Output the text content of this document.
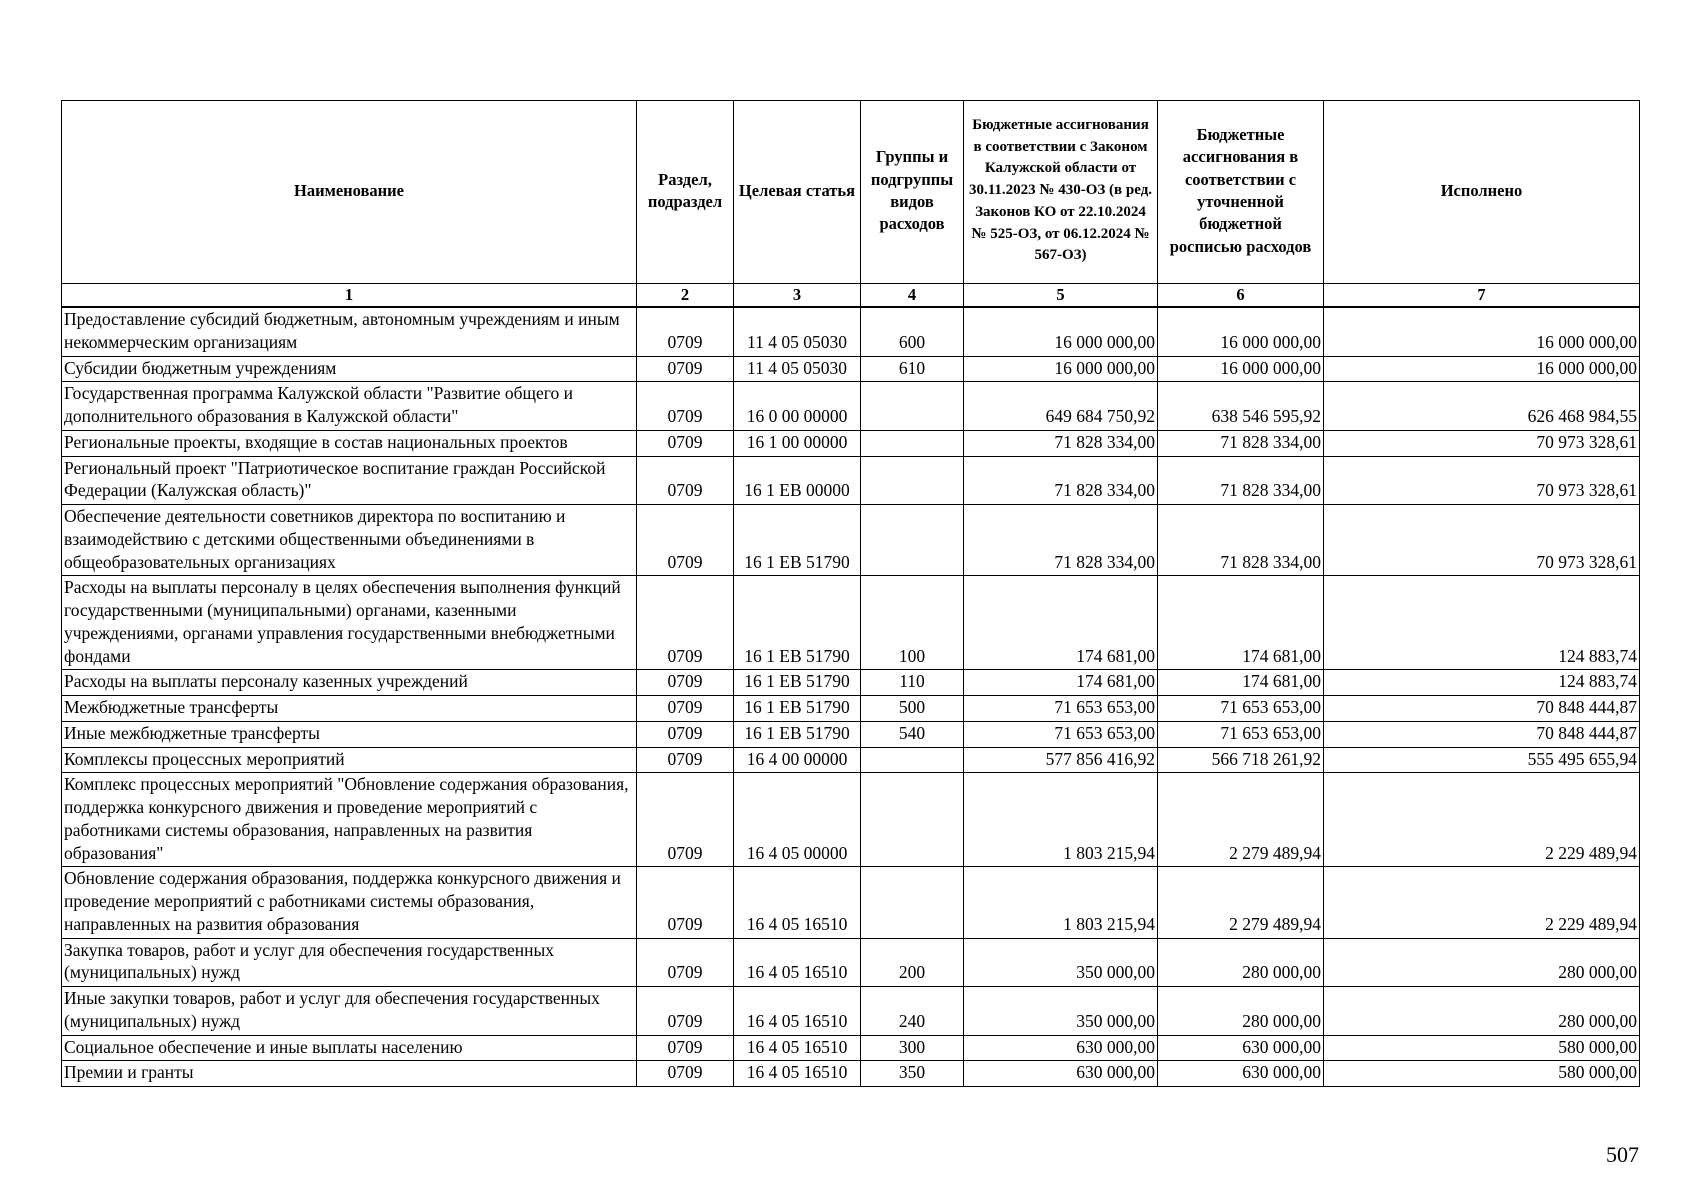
Наименование	Раздел, подраздел	Целевая статья	Группы и подгруппы видов расходов	Бюджетные ассигнования в соответствии с Законом Калужской области от 30.11.2023 № 430-ОЗ (в ред. Законов КО от 22.10.2024 № 525-ОЗ, от 06.12.2024 № 567-ОЗ)	Бюджетные ассигнования в соответствии с уточненной бюджетной росписью расходов	Исполнено
1	2	3	4	5	6	7
Предоставление субсидий бюджетным, автономным учреждениям и иным некоммерческим организациям	0709	11 4 05 05030	600	16 000 000,00	16 000 000,00	16 000 000,00
Субсидии бюджетным учреждениям	0709	11 4 05 05030	610	16 000 000,00	16 000 000,00	16 000 000,00
Государственная программа Калужской области "Развитие общего и дополнительного образования в Калужской области"	0709	16 0 00 00000		649 684 750,92	638 546 595,92	626 468 984,55
Региональные проекты, входящие в состав национальных проектов	0709	16 1 00 00000		71 828 334,00	71 828 334,00	70 973 328,61
Региональный проект "Патриотическое воспитание граждан Российской Федерации (Калужская область)"	0709	16 1 ЕВ 00000		71 828 334,00	71 828 334,00	70 973 328,61
Обеспечение деятельности советников директора по воспитанию и взаимодействию с детскими общественными объединениями в общеобразовательных организациях	0709	16 1 ЕВ 51790		71 828 334,00	71 828 334,00	70 973 328,61
Расходы на выплаты персоналу в целях обеспечения выполнения функций государственными (муниципальными) органами, казенными учреждениями, органами управления государственными внебюджетными фондами	0709	16 1 ЕВ 51790	100	174 681,00	174 681,00	124 883,74
Расходы на выплаты персоналу казенных учреждений	0709	16 1 ЕВ 51790	110	174 681,00	174 681,00	124 883,74
Межбюджетные трансферты	0709	16 1 ЕВ 51790	500	71 653 653,00	71 653 653,00	70 848 444,87
Иные межбюджетные трансферты	0709	16 1 ЕВ 51790	540	71 653 653,00	71 653 653,00	70 848 444,87
Комплексы процессных мероприятий	0709	16 4 00 00000		577 856 416,92	566 718 261,92	555 495 655,94
Комплекс процессных мероприятий "Обновление содержания образования, поддержка конкурсного движения и проведение мероприятий с работниками системы образования, направленных на развития образования"	0709	16 4 05 00000		1 803 215,94	2 279 489,94	2 229 489,94
Обновление содержания образования, поддержка конкурсного движения и проведение мероприятий с работниками системы образования, направленных на развития образования	0709	16 4 05 16510		1 803 215,94	2 279 489,94	2 229 489,94
Закупка товаров, работ и услуг для обеспечения государственных (муниципальных) нужд	0709	16 4 05 16510	200	350 000,00	280 000,00	280 000,00
Иные закупки товаров, работ и услуг для обеспечения государственных (муниципальных) нужд	0709	16 4 05 16510	240	350 000,00	280 000,00	280 000,00
Социальное обеспечение и иные выплаты населению	0709	16 4 05 16510	300	630 000,00	630 000,00	580 000,00
Премии и гранты	0709	16 4 05 16510	350	630 000,00	630 000,00	580 000,00
507
